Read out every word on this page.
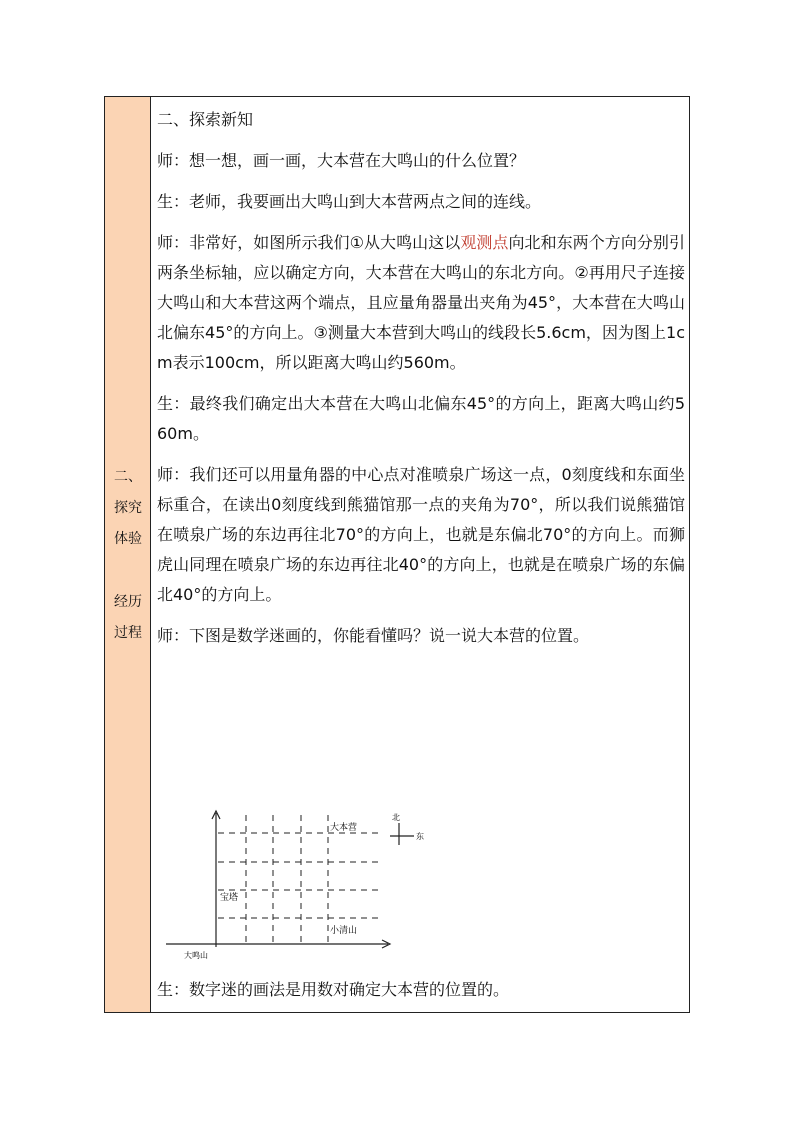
二、
探究
体验
经历
过程

二、探索新知

师：想一想，画一画，大本营在大鸣山的什么位置？

生：老师，我要画出大鸣山到大本营两点之间的连线。

师：非常好，如图所示我们①从大鸣山这以观测点向北和东两个方向分别引两条坐标轴，应以确定方向，大本营在大鸣山的东北方向。②再用尺子连接大鸣山和大本营这两个端点，且应量角器量出夹角为45°，大本营在大鸣山北偏东45°的方向上。③测量大本营到大鸣山的线段长5.6cm，因为图上1cm表示100cm，所以距离大鸣山约560m。

生：最终我们确定出大本营在大鸣山北偏东45°的方向上，距离大鸣山约560m。

师：我们还可以用量角器的中心点对准喷泉广场这一点，0刻度线和东面坐标重合，在读出0刻度线到熊猫馆那一点的夹角为70°，所以我们说熊猫馆在喷泉广场的东边再往北70°的方向上，也就是东偏北70°的方向上。而狮虎山同理在喷泉广场的东边再往北40°的方向上，也就是在喷泉广场的东偏北40°的方向上。

师：下图是数学迷画的，你能看懂吗？说一说大本营的位置。

生：数字迷的画法是用数对确定大本营的位置的。
北
东
大本营
宝塔
小清山
大鸣山
